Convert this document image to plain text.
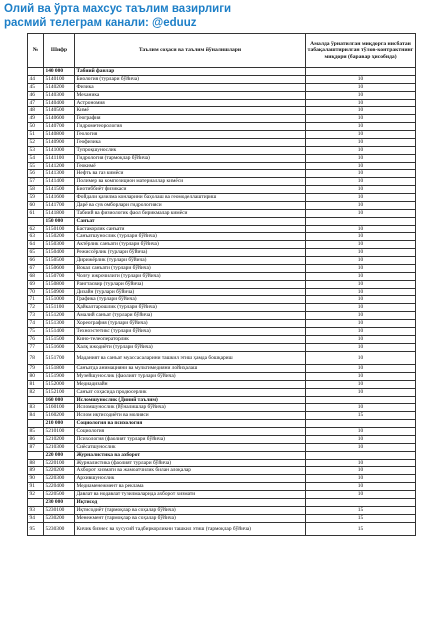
Олий ва ўрта махсус таълим вазирлиги
расмий телеграм канали: @eduuz
№	Шифр	Таълим соҳаси ва таълим йўналишлари	Амалда ўрнатилган миқдорга нисбатан табақалаштирилган тўлов-контрактнинг миқдори (баравар ҳисобида)
	140 000	Табиий фанлар	
44	5140100	Биология (турлари бўйича)	10
45	5140200	Физика	10
46	5140300	Механика	10
47	5140400	Астрономия	10
48	5140500	Кимё	10
49	5140600	География	10
50	5140700	Гидрометеорология	10
51	5140800	Геология	10
52	5140900	Геофизика	10
53	5141000	Тупроқшунослик	10
54	5141100	Гидрология (тармоқлар бўйича)	10
55	5141200	Геокимё	10
56	5141300	Нефть ва газ кимёси	10
57	5141400	Полимер ва композицион материаллар кимёси	10
58	5141500	Биотиббиёт физикаси	10
59	5141600	Фойдали қазилма конларини баҳолаш ва геомоделлаштириш	10
60	5141700	Дарё ва сув омборлари гидрологияси	10
61	5141800	Табиий ва физиологик фаол бирикмалар кимёси	10
	150 000	Санъат	
62	5150100	Бастакорлик санъати	10
63	5150200	Санъатшунослик (турлари бўйича)	10
64	5150300	Актёрлик санъати (турлари бўйича)	10
65	5150400	Режиссёрлик (турлари бўйича)	10
66	5150500	Дирижёрлик (турлари бўйича)	10
67	5150600	Вокал санъати (турлари бўйича)	10
68	5150700	Чолғу ижрочилиги (турлари бўйича)	10
69	5150800	Рангтасвир (турлари бўйича)	10
70	5150900	Дизайн (турлари бўйича)	10
71	5151000	Графика (турлари бўйича)	10
72	5151100	Ҳайкалтарошлик (турлари бўйича)	10
73	5151200	Амалий санъат (турлари бўйича)	10
74	5151300	Хореография (турлари бўйича)	10
75	5151400	Техноэстетикс (турлари бўйича)	10
76	5151500	Кино-телеоператорлик	10
77	5151600	Халқ ижодиёти (турлари бўйича)	10
78	5151700	Маданият ва санъат муассасаларини ташкил этиш ҳамда бошқариш	10
79	5151800	Санъатда анимацияни ва мультимедияни лойиҳалаш	10
80	5151900	Музейшунослик (фаолият турлари бўйича)	10
81	5152000	Медиадизайн	10
82	5152100	Санъат соҳасида продюсерлик	10
	160 000	Исломшунослик (Диний таълим)	
83	5160100	Исломшунослик (йўналишлар бўйича)	10
84	5160200	Ислом иқтисодиёти ва молияси	15
	210 000	Социология ва психология	
85	5210100	Социология	10
86	5210200	Психология (фаолият турлари бўйича)	10
87	5210300	Сиёсатшунослик	10
	220 000	Журналистика ва ахборот	
88	5220100	Журналистика (фаолият турлари бўйича)	10
89	5220200	Ахборот хизмати ва жамоатчилик билан алоқалар	10
90	5220300	Архившунослик	10
91	5220400	Медиаменежмент ва реклама	10
92	5220500	Давлат ва нодавлат тузилмаларида ахборот хизмати	10
	230 000	Иқтисод	
93	5230100	Иқтисодиёт (тармоқлар ва соҳалар бўйича)	15
94	5230200	Менежмент (тармоқлар ва соҳалар бўйича)	15
95	5230300	Кичик бизнес ва хусусий тадбиркорликни ташкил этиш (тармоқлар бўйича)	15
